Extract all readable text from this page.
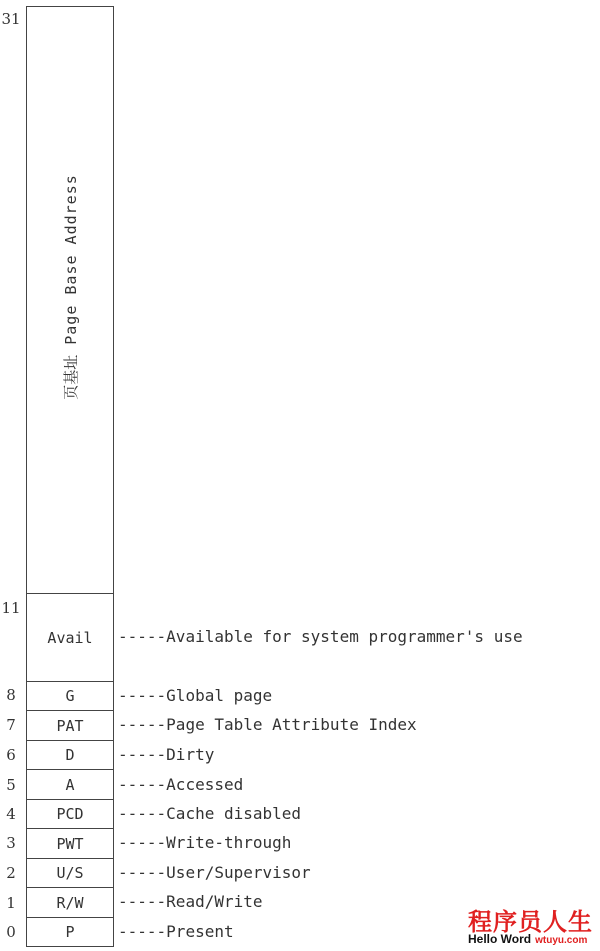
31
11
8
7
6
5
4
3
2
1
0
页基址 Page Base Address
Avail
G
PAT
D
A
PCD
PWT
U/S
R/W
P
-----Available for system programmer's use
-----Global page
-----Page Table Attribute Index
-----Dirty
-----Accessed
-----Cache disabled
-----Write-through
-----User/Supervisor
-----Read/Write
-----Present	程序员人生
Hello Word wtuyu.com
